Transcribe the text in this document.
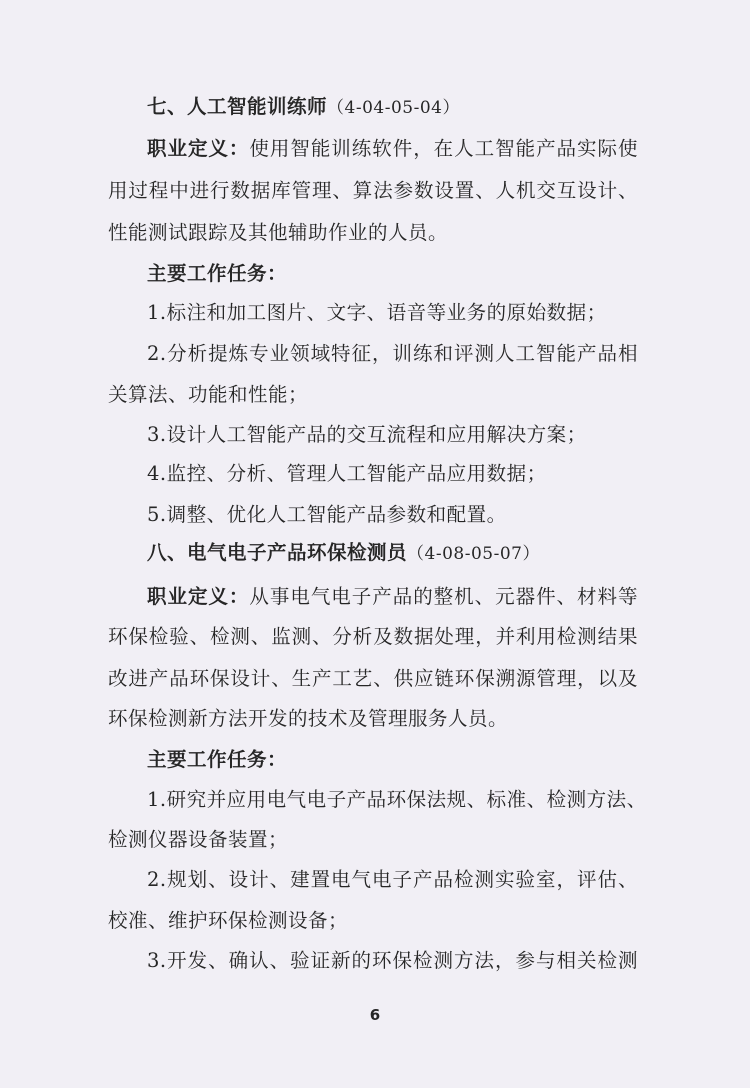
七、人工智能训练师（4-04-05-04）
职业定义：使用智能训练软件，在人工智能产品实际使
用过程中进行数据库管理、算法参数设置、人机交互设计、
性能测试跟踪及其他辅助作业的人员。
主要工作任务：
1.标注和加工图片、文字、语音等业务的原始数据；
2.分析提炼专业领域特征，训练和评测人工智能产品相
关算法、功能和性能；
3.设计人工智能产品的交互流程和应用解决方案；
4.监控、分析、管理人工智能产品应用数据；
5.调整、优化人工智能产品参数和配置。
八、电气电子产品环保检测员（4-08-05-07）
职业定义：从事电气电子产品的整机、元器件、材料等
环保检验、检测、监测、分析及数据处理，并利用检测结果
改进产品环保设计、生产工艺、供应链环保溯源管理，以及
环保检测新方法开发的技术及管理服务人员。
主要工作任务：
1.研究并应用电气电子产品环保法规、标准、检测方法、
检测仪器设备装置；
2.规划、设计、建置电气电子产品检测实验室，评估、
校准、维护环保检测设备；
3.开发、确认、验证新的环保检测方法，参与相关检测
6
